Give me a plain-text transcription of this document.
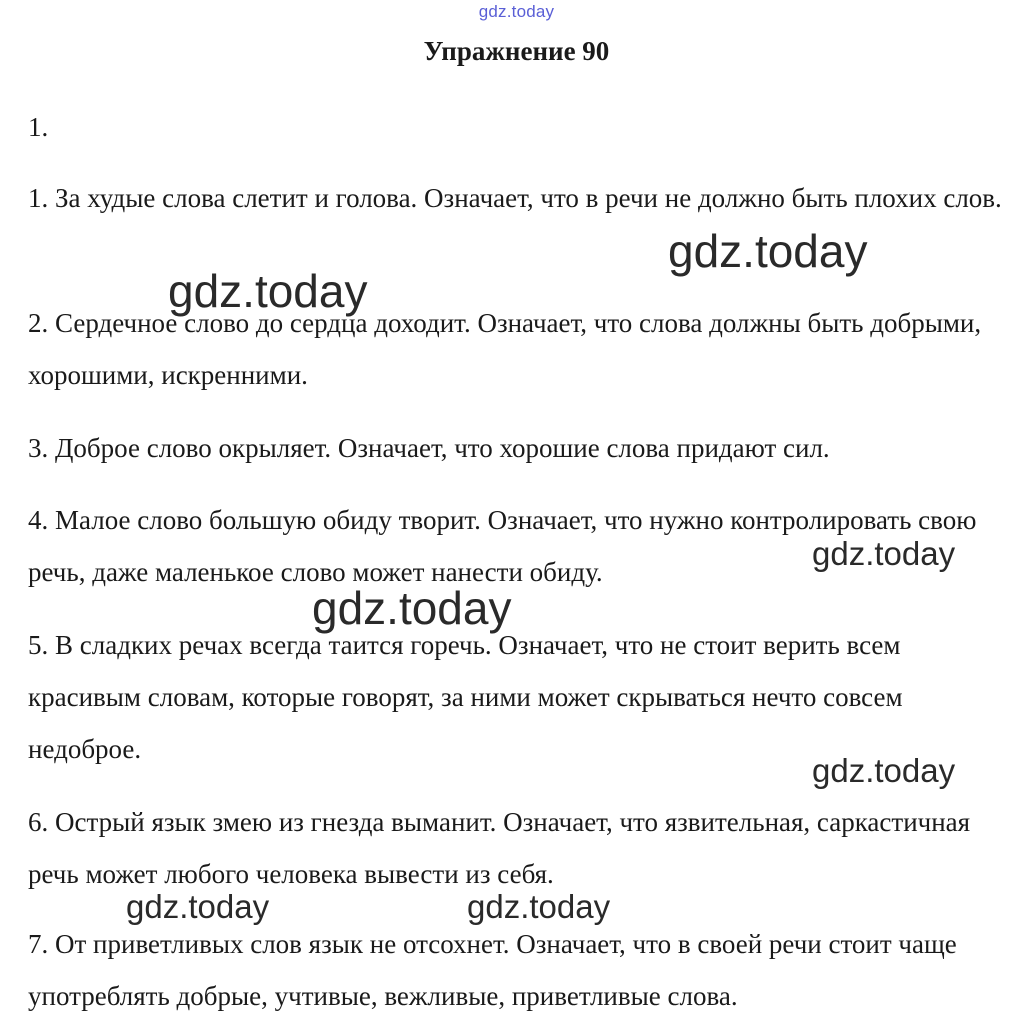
gdz.today
Упражнение 90
1.

1. За худые слова слетит и голова. Означает, что в речи не должно быть плохих слов.

2. Сердечное слово до сердца доходит. Означает, что слова должны быть добрыми, хорошими, искренними.

3. Доброе слово окрыляет. Означает, что хорошие слова придают сил.

4. Малое слово большую обиду творит. Означает, что нужно контролировать свою речь, даже маленькое слово может нанести обиду.

5. В сладких речах всегда таится горечь. Означает, что не стоит верить всем красивым словам, которые говорят, за ними может скрываться нечто совсем недоброе.

6. Острый язык змею из гнезда выманит. Означает, что язвительная, саркастичная речь может любого человека вывести из себя.

7. От приветливых слов язык не отсохнет. Означает, что в своей речи стоит чаще употреблять добрые, учтивые, вежливые, приветливые слова.

gdz.today
gdz.today
gdz.today
gdz.today
gdz.today
gdz.today	gdz.today
